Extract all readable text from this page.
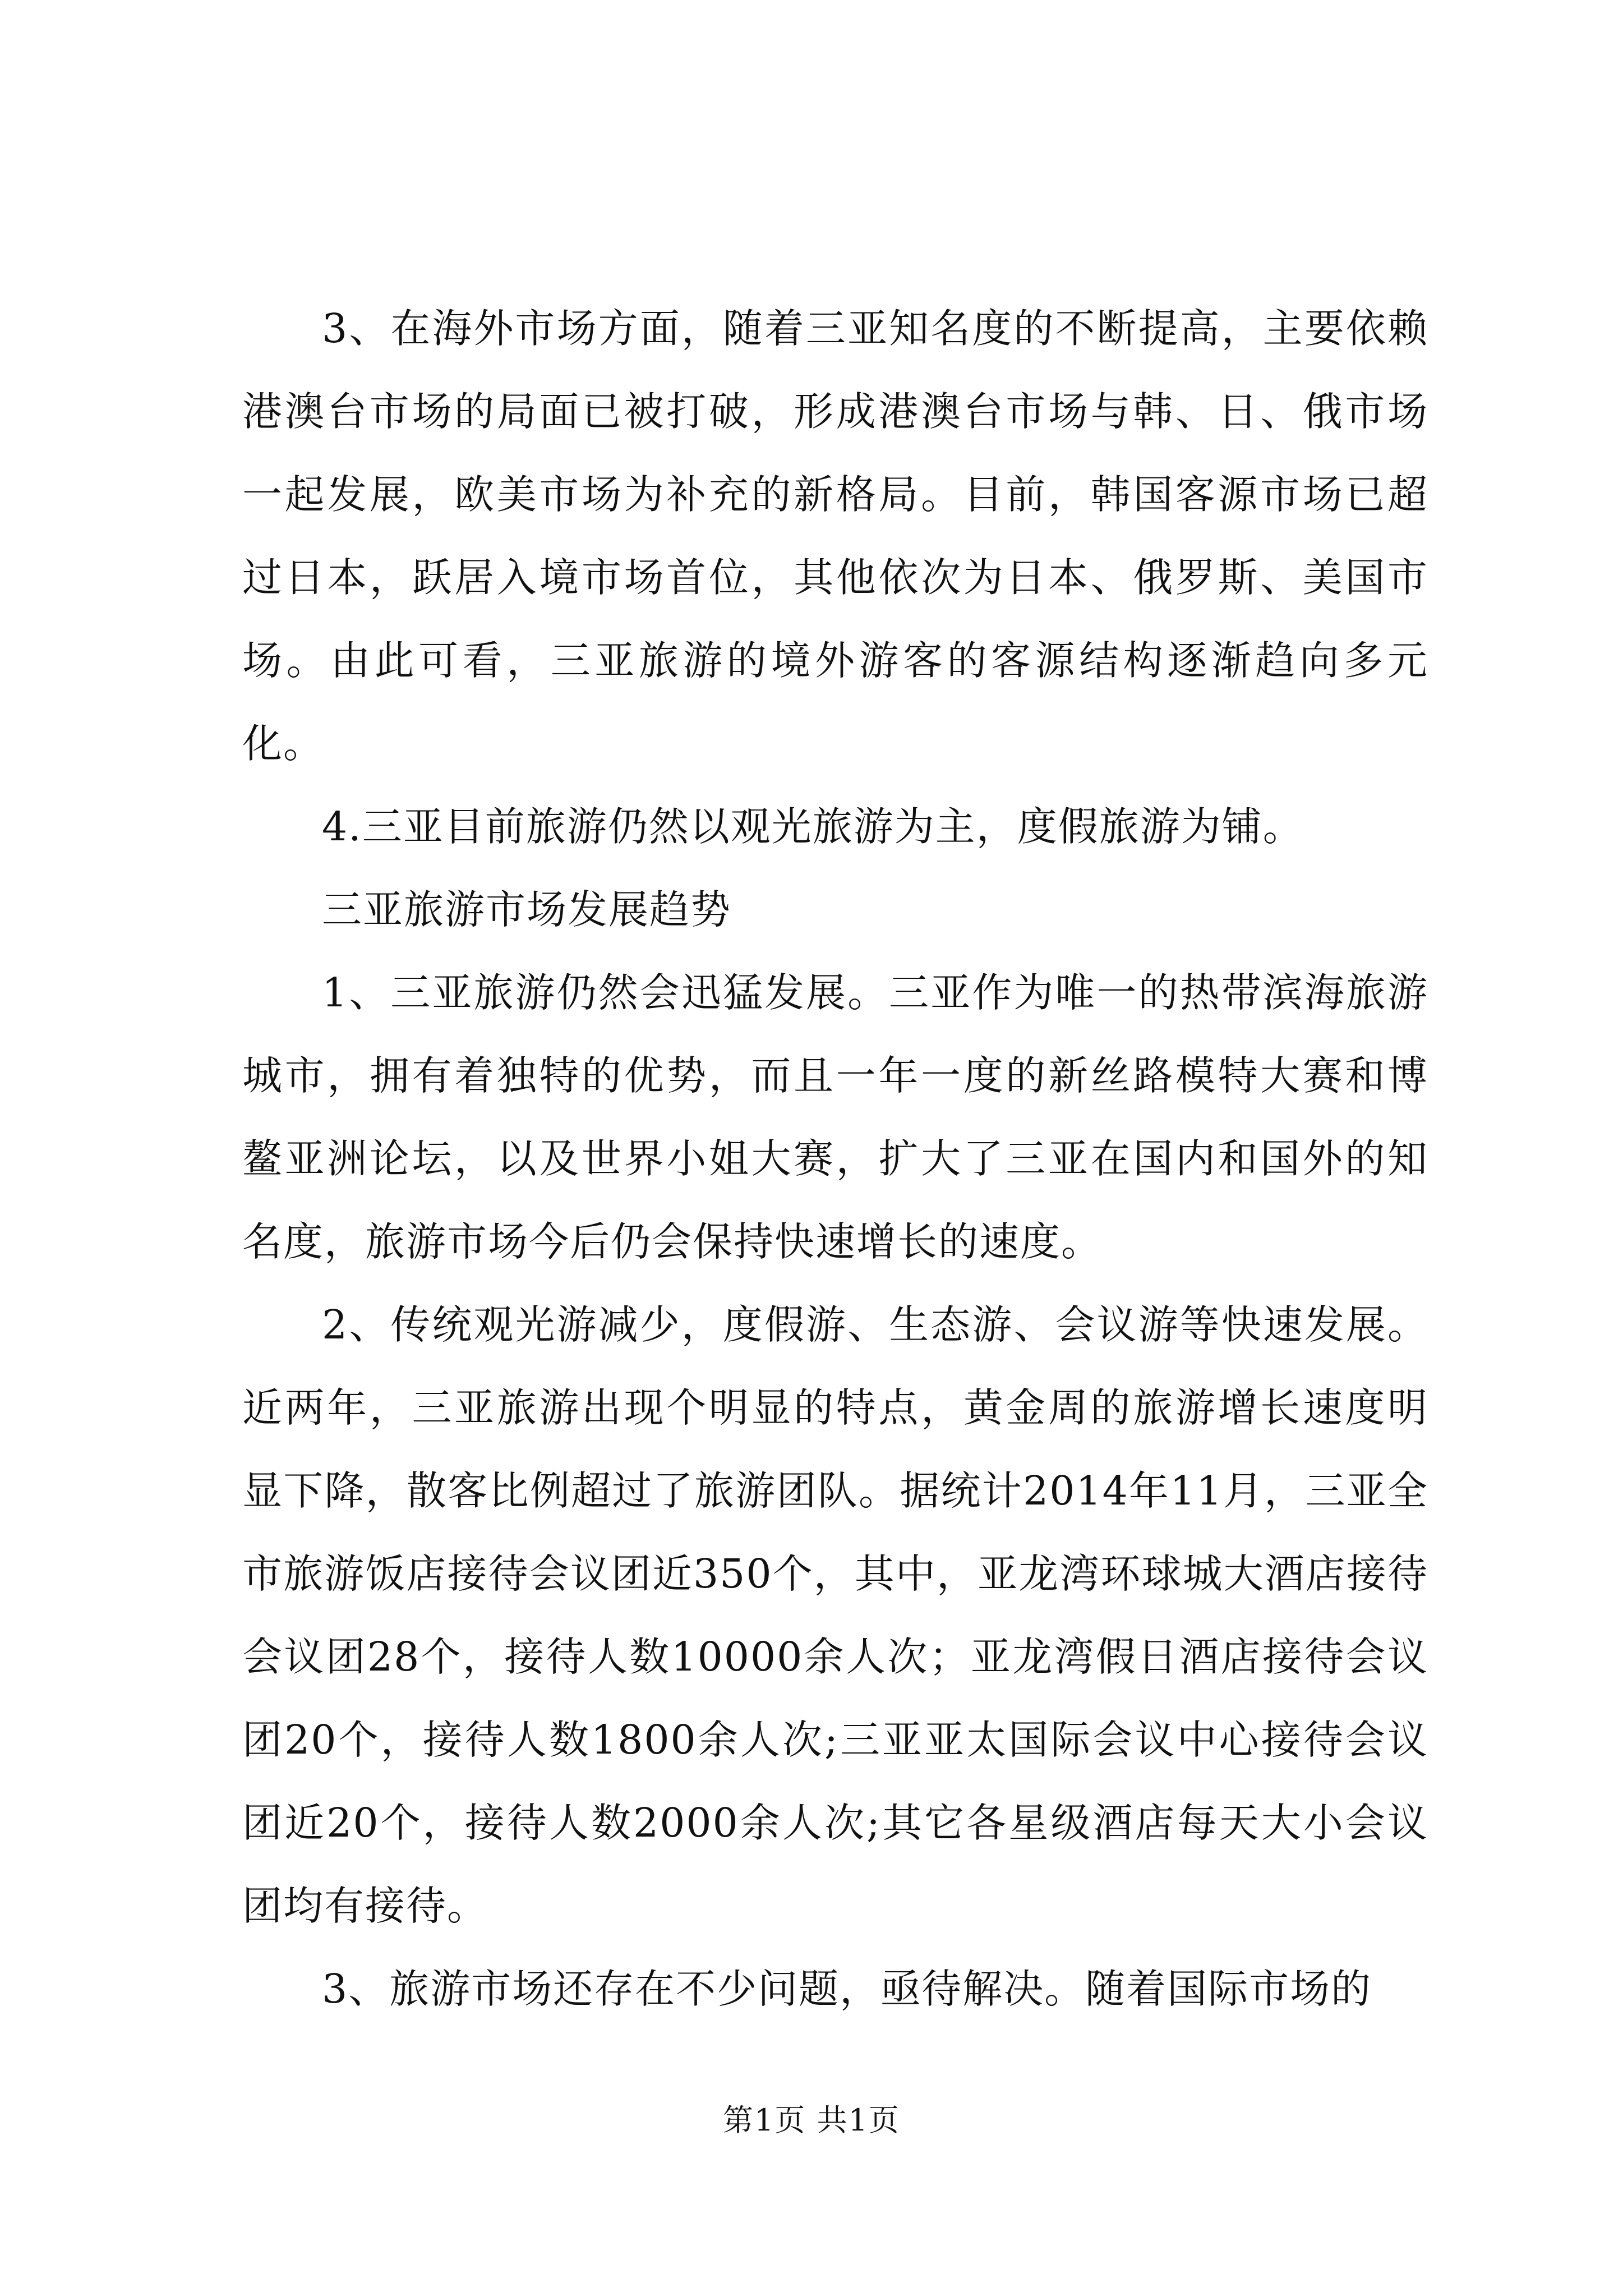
3、在海外市场方面，随着三亚知名度的不断提高，主要依赖港澳台市场的局面已被打破，形成港澳台市场与韩、日、俄市场一起发展，欧美市场为补充的新格局。目前，韩国客源市场已超过日本，跃居入境市场首位，其他依次为日本、俄罗斯、美国市场。由此可看，三亚旅游的境外游客的客源结构逐渐趋向多元化。

4.三亚目前旅游仍然以观光旅游为主，度假旅游为铺。

三亚旅游市场发展趋势

1、三亚旅游仍然会迅猛发展。三亚作为唯一的热带滨海旅游城市，拥有着独特的优势，而且一年一度的新丝路模特大赛和博鳌亚洲论坛，以及世界小姐大赛，扩大了三亚在国内和国外的知名度，旅游市场今后仍会保持快速增长的速度。

2、传统观光游减少，度假游、生态游、会议游等快速发展。近两年，三亚旅游出现个明显的特点，黄金周的旅游增长速度明显下降，散客比例超过了旅游团队。据统计2014年11月，三亚全市旅游饭店接待会议团近350个，其中，亚龙湾环球城大酒店接待会议团28个，接待人数10000余人次；亚龙湾假日酒店接待会议团20个，接待人数1800余人次;三亚亚太国际会议中心接待会议团近20个，接待人数2000余人次;其它各星级酒店每天大小会议团均有接待。

3、旅游市场还存在不少问题，亟待解决。随着国际市场的

第1页 共1页
